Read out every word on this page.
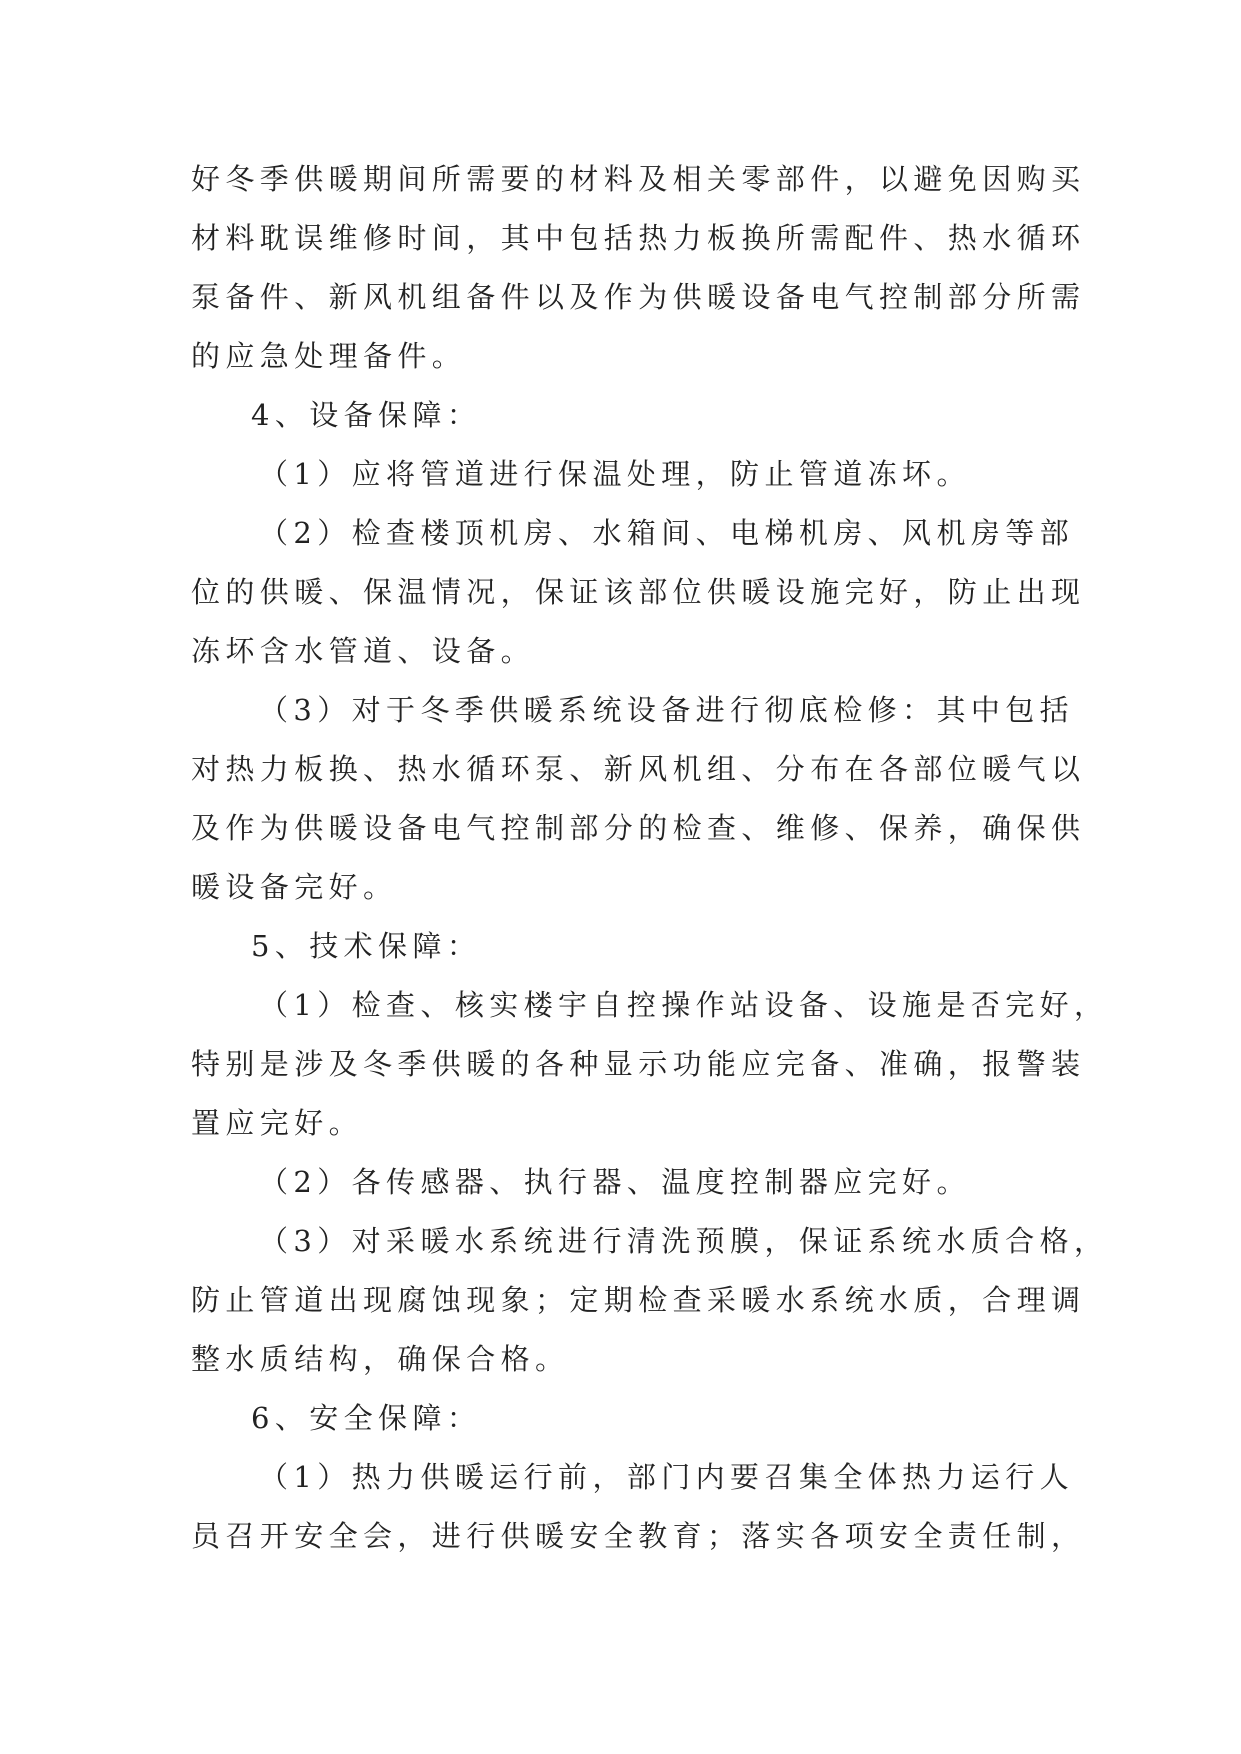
好冬季供暖期间所需要的材料及相关零部件，以避免因购买
材料耽误维修时间，其中包括热力板换所需配件、热水循环
泵备件、新风机组备件以及作为供暖设备电气控制部分所需
的应急处理备件。
4、设备保障：
（1）应将管道进行保温处理，防止管道冻坏。
（2）检查楼顶机房、水箱间、电梯机房、风机房等部
位的供暖、保温情况，保证该部位供暖设施完好，防止出现
冻坏含水管道、设备。
（3）对于冬季供暖系统设备进行彻底检修：其中包括
对热力板换、热水循环泵、新风机组、分布在各部位暖气以
及作为供暖设备电气控制部分的检查、维修、保养，确保供
暖设备完好。
5、技术保障：
（1）检查、核实楼宇自控操作站设备、设施是否完好，
特别是涉及冬季供暖的各种显示功能应完备、准确，报警装
置应完好。
（2）各传感器、执行器、温度控制器应完好。
（3）对采暖水系统进行清洗预膜，保证系统水质合格，
防止管道出现腐蚀现象；定期检查采暖水系统水质，合理调
整水质结构，确保合格。
6、安全保障：
（1）热力供暖运行前，部门内要召集全体热力运行人
员召开安全会，进行供暖安全教育；落实各项安全责任制，
